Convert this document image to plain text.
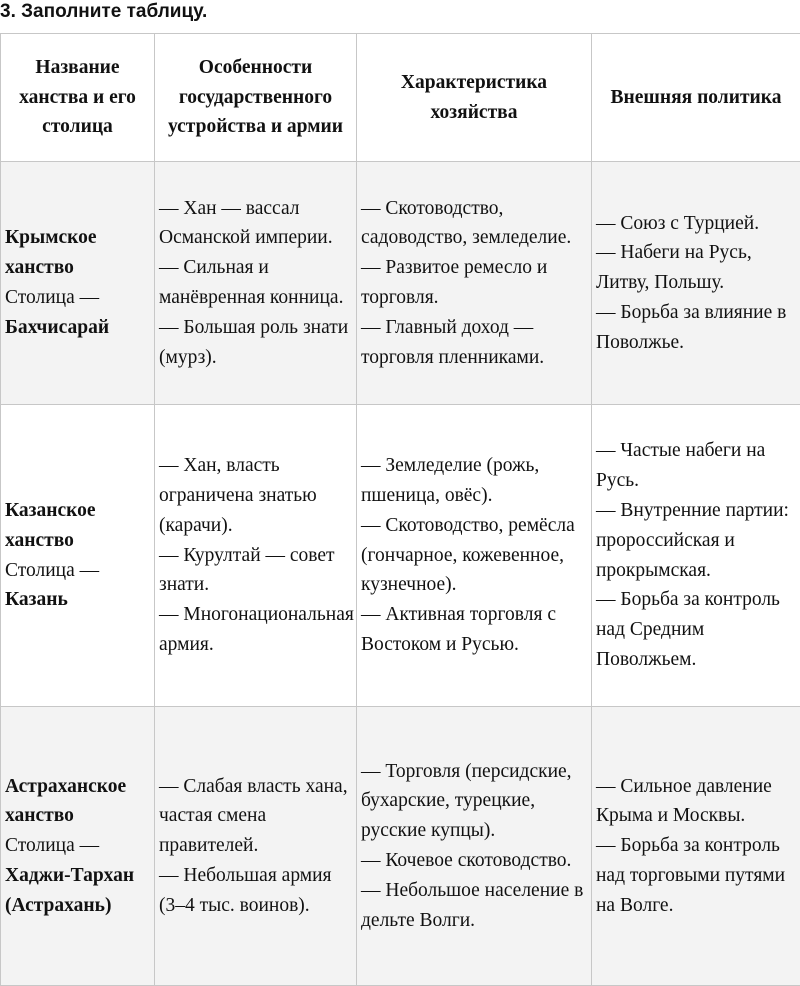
3. Заполните таблицу.
Название ханства и его столица	Особенности государственного устройства и армии	Характеристика хозяйства	Внешняя политика

Крымское ханство
Столица —
Бахчисарай	— Хан — вассал Османской империи.
— Сильная и манёвренная конница.
— Большая роль знати (мурз).	— Скотоводство, садоводство, земледелие.
— Развитое ремесло и торговля.
— Главный доход — торговля пленниками.	— Союз с Турцией.
— Набеги на Русь, Литву, Польшу.
— Борьба за влияние в Поволжье.

Казанское ханство
Столица —
Казань	— Хан, власть ограничена знатью (карачи).
— Курултай — совет знати.
— Многонациональная армия.	— Земледелие (рожь, пшеница, овёс).
— Скотоводство, ремёсла (гончарное, кожевенное, кузнечное).
— Активная торговля с Востоком и Русью.	— Частые набеги на Русь.
— Внутренние партии: пророссийская и прокрымская.
— Борьба за контроль над Средним Поволжьем.

Астраханское ханство
Столица —
Хаджи-Тархан (Астрахань)	— Слабая власть хана, частая смена правителей.
— Небольшая армия (3–4 тыс. воинов).	— Торговля (персидские, бухарские, турецкие, русские купцы).
— Кочевое скотоводство.
— Небольшое население в дельте Волги.	— Сильное давление Крыма и Москвы.
— Борьба за контроль над торговыми путями на Волге.
